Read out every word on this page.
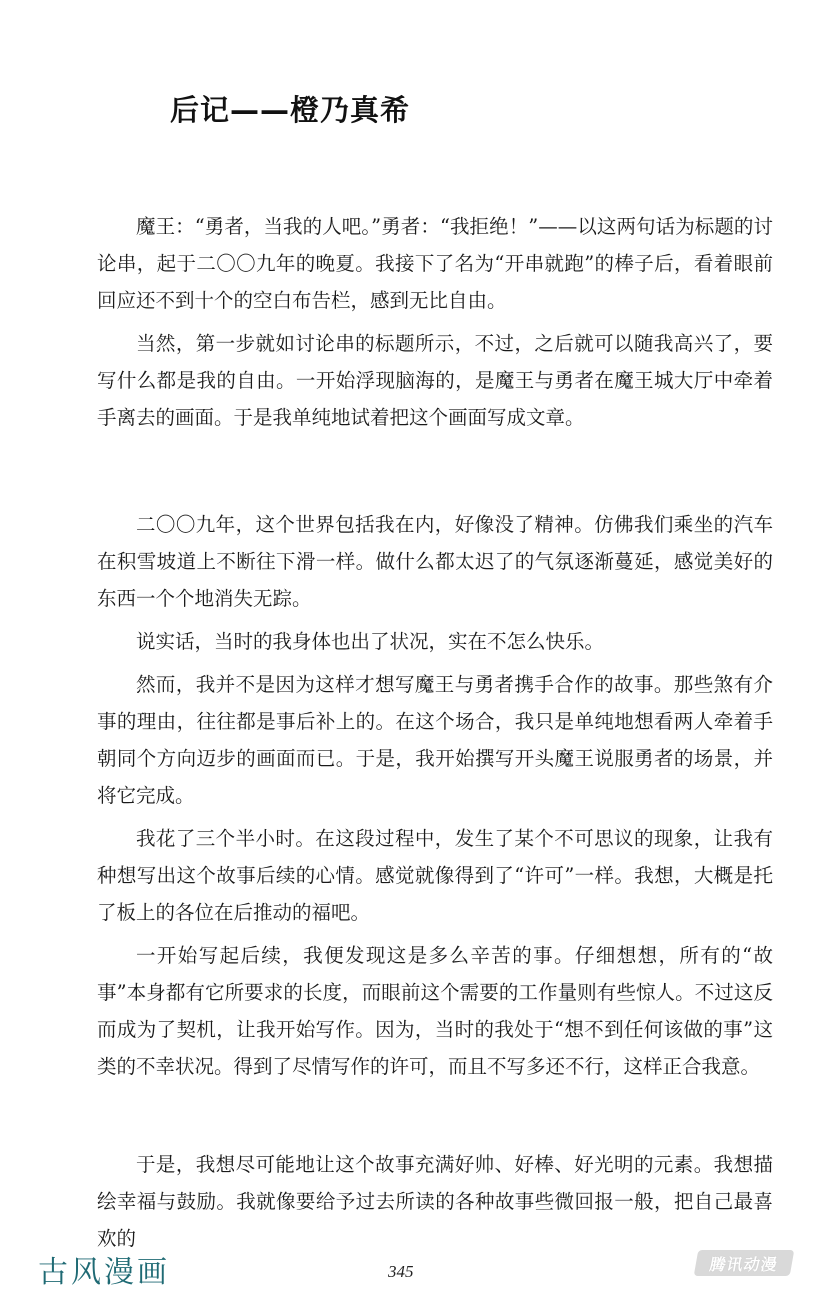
后记——橙乃真希

魔王：“勇者，当我的人吧。”勇者：“我拒绝！”——以这两句话为标题的讨论串，起于二〇〇九年的晚夏。我接下了名为“开串就跑”的棒子后，看着眼前回应还不到十个的空白布告栏，感到无比自由。

当然，第一步就如讨论串的标题所示，不过，之后就可以随我高兴了，要写什么都是我的自由。一开始浮现脑海的，是魔王与勇者在魔王城大厅中牵着手离去的画面。于是我单纯地试着把这个画面写成文章。

二〇〇九年，这个世界包括我在内，好像没了精神。仿佛我们乘坐的汽车在积雪坡道上不断往下滑一样。做什么都太迟了的气氛逐渐蔓延，感觉美好的东西一个个地消失无踪。

说实话，当时的我身体也出了状况，实在不怎么快乐。

然而，我并不是因为这样才想写魔王与勇者携手合作的故事。那些煞有介事的理由，往往都是事后补上的。在这个场合，我只是单纯地想看两人牵着手朝同个方向迈步的画面而已。于是，我开始撰写开头魔王说服勇者的场景，并将它完成。

我花了三个半小时。在这段过程中，发生了某个不可思议的现象，让我有种想写出这个故事后续的心情。感觉就像得到了“许可”一样。我想，大概是托了板上的各位在后推动的福吧。

一开始写起后续，我便发现这是多么辛苦的事。仔细想想，所有的“故事”本身都有它所要求的长度，而眼前这个需要的工作量则有些惊人。不过这反而成为了契机，让我开始写作。因为，当时的我处于“想不到任何该做的事”这类的不幸状况。得到了尽情写作的许可，而且不写多还不行，这样正合我意。

于是，我想尽可能地让这个故事充满好帅、好棒、好光明的元素。我想描绘幸福与鼓励。我就像要给予过去所读的各种故事些微回报一般，把自己最喜欢的

古风漫画	345	腾讯动漫
